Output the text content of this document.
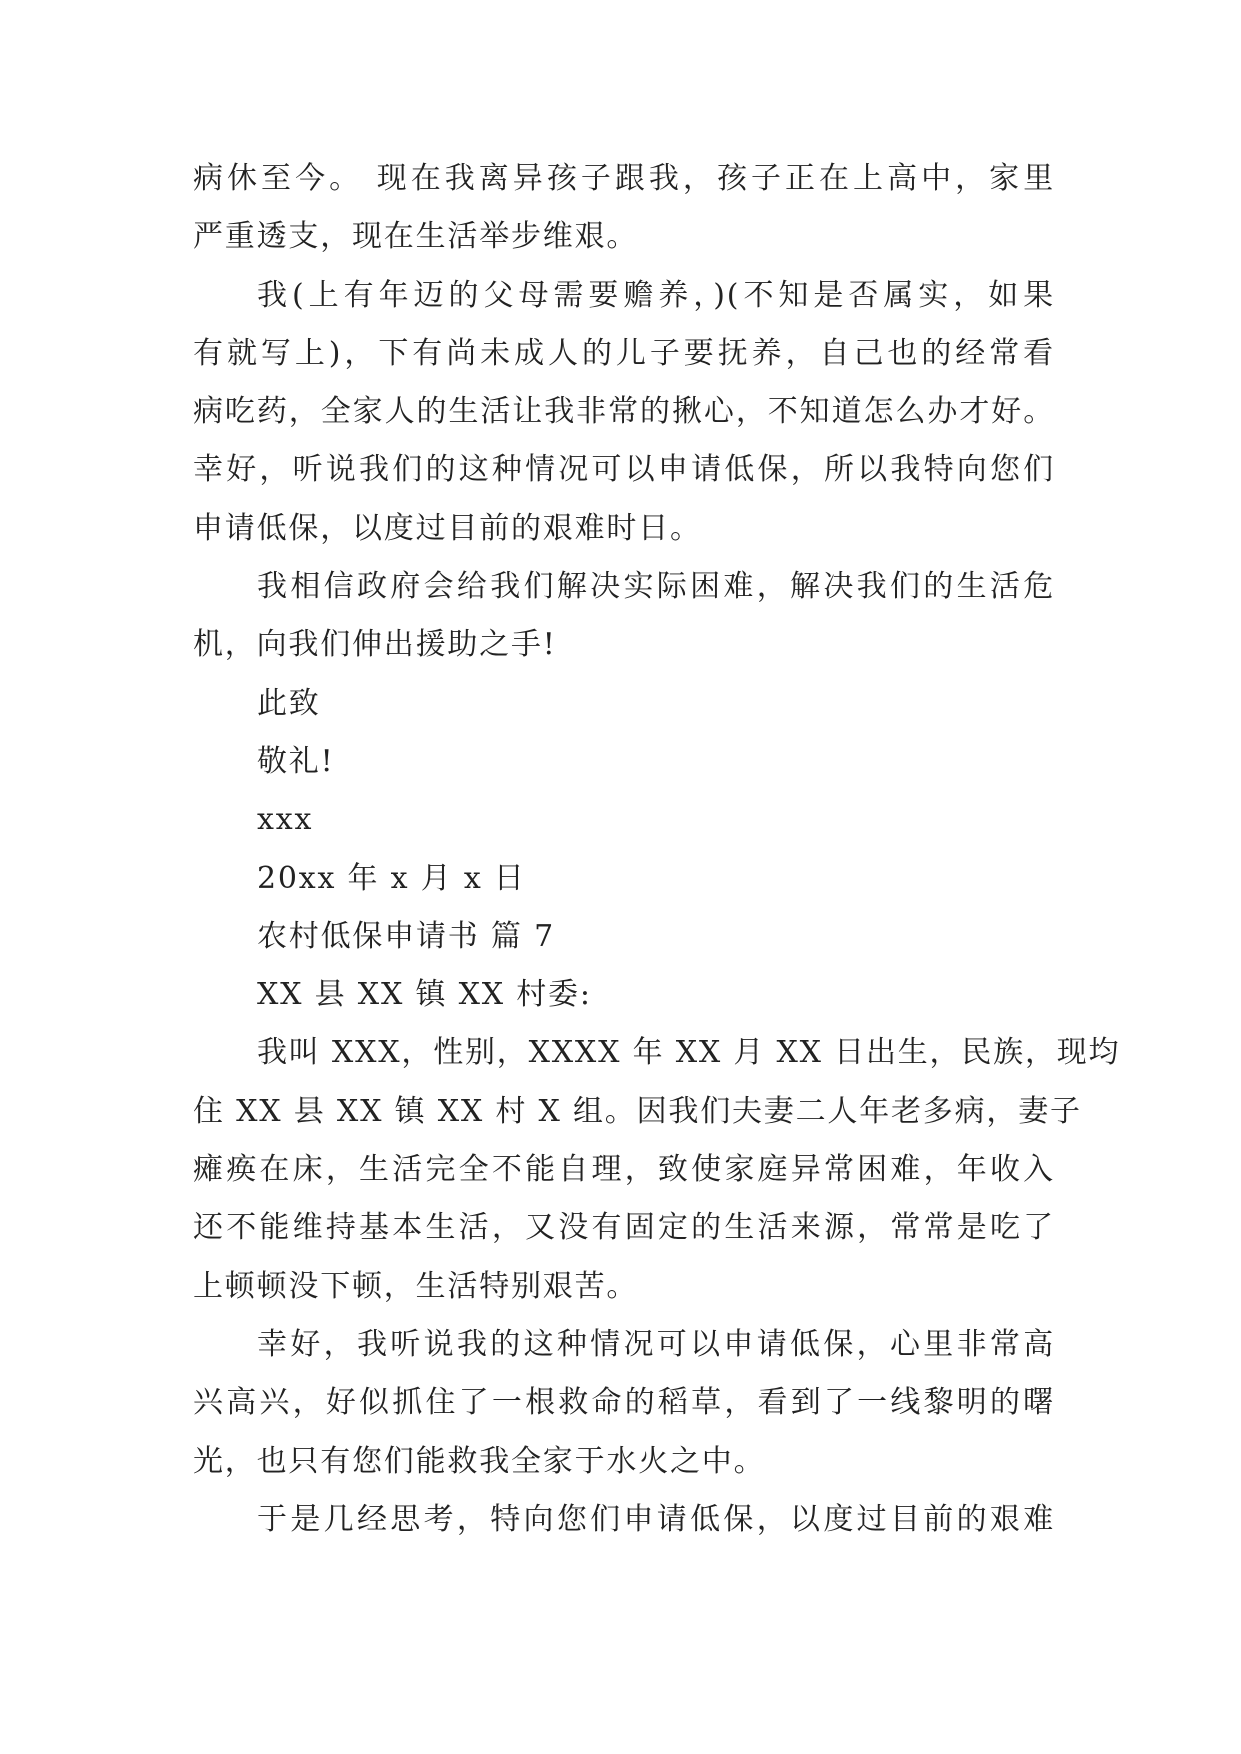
病休至今。 现在我离异孩子跟我，孩子正在上高中，家里
严重透支，现在生活举步维艰。
我(上有年迈的父母需要赡养，)(不知是否属实，如果
有就写上)，下有尚未成人的儿子要抚养，自己也的经常看
病吃药，全家人的生活让我非常的揪心，不知道怎么办才好。
幸好，听说我们的这种情况可以申请低保，所以我特向您们
申请低保，以度过目前的艰难时日。
我相信政府会给我们解决实际困难，解决我们的生活危
机，向我们伸出援助之手!
此致
敬礼!
xxx
20xx 年 x 月 x 日
农村低保申请书 篇 7
XX 县 XX 镇 XX 村委:
我叫 XXX，性别，XXXX 年 XX 月 XX 日出生，民族，现均
住 XX 县 XX 镇 XX 村 X 组。因我们夫妻二人年老多病，妻子
瘫痪在床，生活完全不能自理，致使家庭异常困难，年收入
还不能维持基本生活，又没有固定的生活来源，常常是吃了
上顿顿没下顿，生活特别艰苦。
幸好，我听说我的这种情况可以申请低保，心里非常高
兴高兴，好似抓住了一根救命的稻草，看到了一线黎明的曙
光，也只有您们能救我全家于水火之中。
于是几经思考，特向您们申请低保，以度过目前的艰难
